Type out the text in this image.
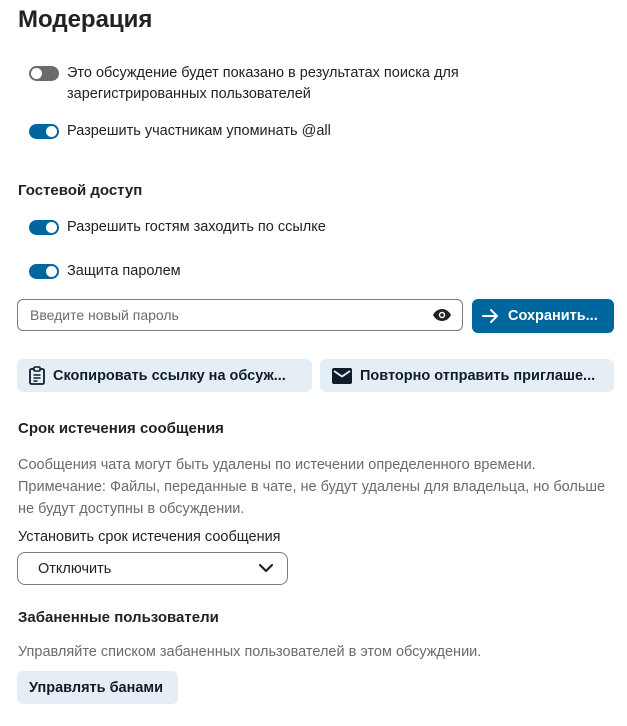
Модерация
Это обсуждение будет показано в результатах поиска для зарегистрированных пользователей
Разрешить участникам упоминать @all
Гостевой доступ
Разрешить гостям заходить по ссылке
Защита паролем
Сохранить...
Скопировать ссылку на обсуж...	Повторно отправить приглаше...
Срок истечения сообщения
Сообщения чата могут быть удалены по истечении определенного времени. Примечание: Файлы, переданные в чате, не будут удалены для владельца, но больше не будут доступны в обсуждении.
Установить срок истечения сообщения
Отключить
Забаненные пользователи
Управляйте списком забаненных пользователей в этом обсуждении.
Управлять банами
